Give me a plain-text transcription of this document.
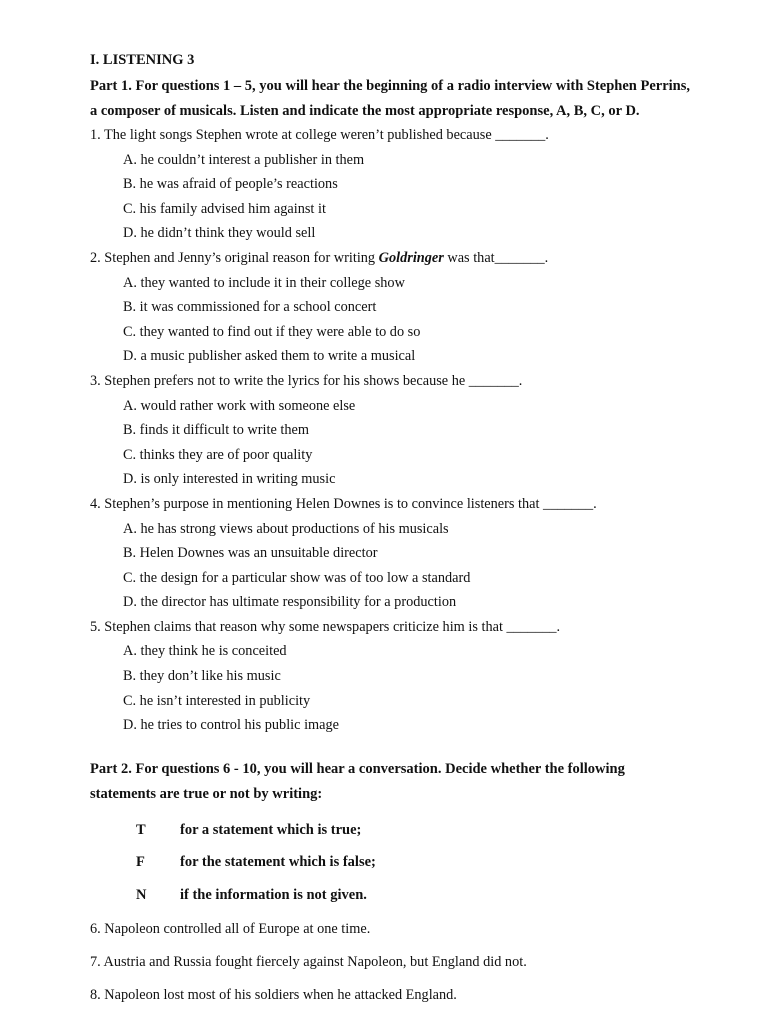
I. LISTENING 3
Part 1. For questions 1 – 5, you will hear the beginning of a radio interview with Stephen Perrins, a composer of musicals. Listen and indicate the most appropriate response, A, B, C, or D.
1. The light songs Stephen wrote at college weren’t published because _______.
A. he couldn’t interest a publisher in them
B. he was afraid of people’s reactions
C. his family advised him against it
D. he didn’t think they would sell
2. Stephen and Jenny’s original reason for writing Goldringer was that_______.
A. they wanted to include it in their college show
B. it was commissioned for a school concert
C. they wanted to find out if they were able to do so
D. a music publisher asked them to write a musical
3. Stephen prefers not to write the lyrics for his shows because he _______.
A. would rather work with someone else
B. finds it difficult to write them
C. thinks they are of poor quality
D. is only interested in writing music
4. Stephen’s purpose in mentioning Helen Downes is to convince listeners that _______.
A. he has strong views about productions of his musicals
B. Helen Downes was an unsuitable director
C. the design for a particular show was of too low a standard
D. the director has ultimate responsibility for a production
5. Stephen claims that reason why some newspapers criticize him is that _______.
A. they think he is conceited
B. they don’t like his music
C. he isn’t interested in publicity
D. he tries to control his public image
Part 2. For questions 6 - 10, you will hear a conversation. Decide whether the following statements are true or not by writing:
T	for a statement which is true;
F	for the statement which is false;
N	if the information is not given.
6. Napoleon controlled all of Europe at one time.
7. Austria and Russia fought fiercely against Napoleon, but England did not.
8. Napoleon lost most of his soldiers when he attacked England.
